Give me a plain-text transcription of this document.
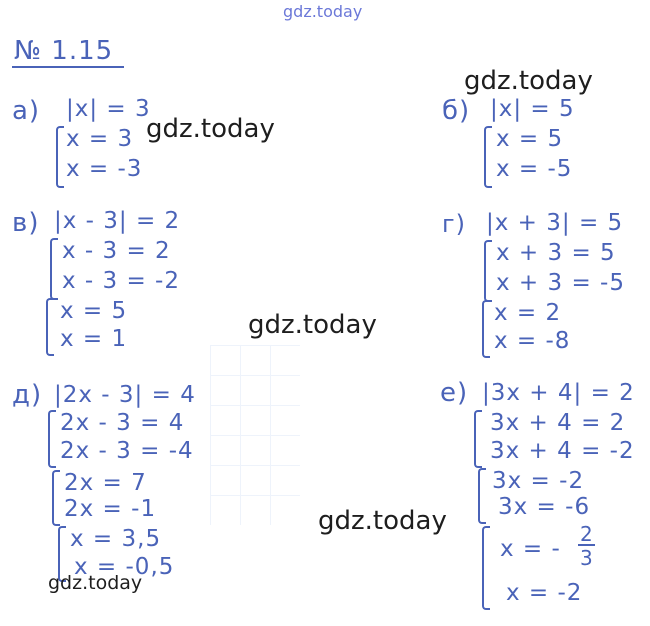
gdz.today
№ 1.15
а) |x| = 3
x = 3
x = -3
б) |x| = 5
x = 5
x = -5
в) |x - 3| = 2
x - 3 = 2
x - 3 = -2
x = 5
x = 1
г) |x + 3| = 5
x + 3 = 5
x + 3 = -5
x = 2
x = -8
д) |2x - 3| = 4
2x - 3 = 4
2x - 3 = -4
2x = 7
2x = -1
x = 3,5
x = -0,5
е) |3x + 4| = 2
3x + 4 = 2
3x + 4 = -2
3x = -2
3x = -6
x = - $\frac{2}{3}$
x = -2
gdz.today
gdz.today
gdz.today
gdz.today
gdz.today
